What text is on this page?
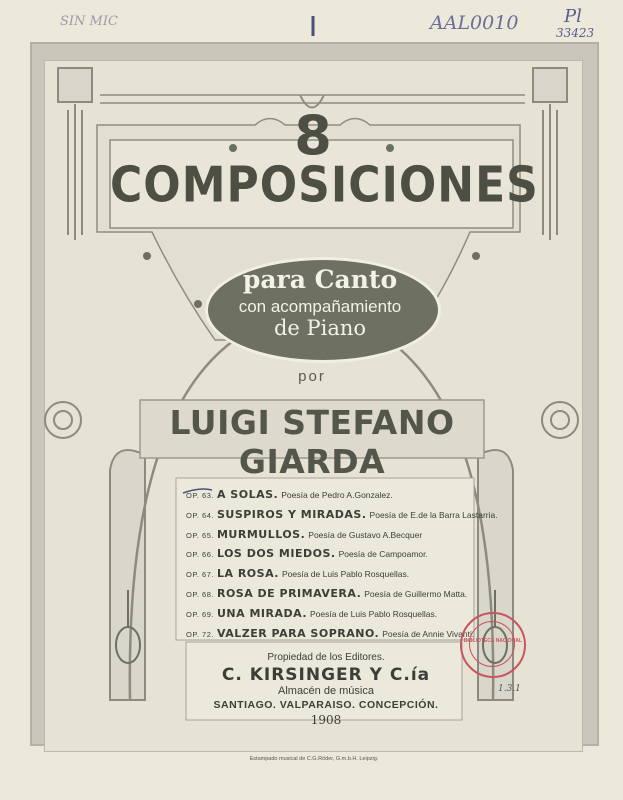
SIN MIC	AAL0010	Pl
33423
8
COMPOSICIONES
para Canto
con acompañamiento
de Piano
por
LUIGI STEFANO GIARDA
OP. 63. A SOLAS. Poesía de Pedro A.Gonzalez.
OP. 64. SUSPIROS Y MIRADAS. Poesía de E.de la Barra Lastarria.
OP. 65. MURMULLOS. Poesía de Gustavo A.Becquer
OP. 66. LOS DOS MIEDOS. Poesía de Campoamor.
OP. 67. LA ROSA. Poesía de Luis Pablo Rosquellas.
OP. 68. ROSA DE PRIMAVERA. Poesía de Guillermo Matta.
OP. 69. UNA MIRADA. Poesía de Luis Pablo Rosquellas.
OP. 72. VALZER PARA SOPRANO. Poesía de Annie Vivanti.
Propiedad de los Editores.
C. KIRSINGER Y C.ía
Almacén de música
SANTIAGO. VALPARAISO. CONCEPCIÓN.
1908
BIBLIOTECA NACIONAL
1.3.1
Estampado musical de C.G.Röder, G.m.b.H. Leipzig.
